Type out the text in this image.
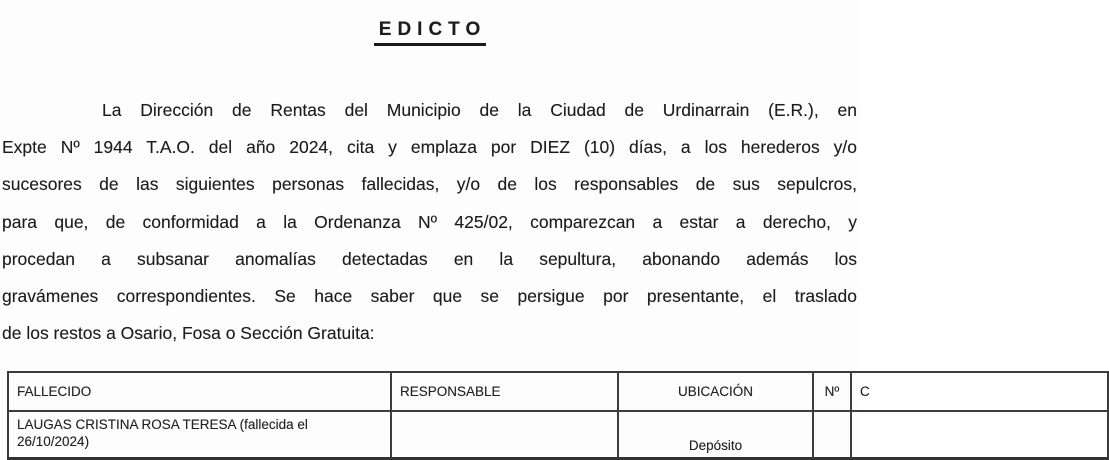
EDICTO
La Dirección de Rentas del Municipio de la Ciudad de Urdinarrain (E.R.), en
Expte Nº 1944 T.A.O. del año 2024, cita y emplaza por DIEZ (10) días, a los herederos y/o
sucesores de las siguientes personas fallecidas, y/o de los responsables de sus sepulcros,
para que, de conformidad a la Ordenanza Nº 425/02, comparezcan a estar a derecho, y
procedan a subsanar anomalías detectadas en la sepultura, abonando además los
gravámenes correspondientes. Se hace saber que se persigue por presentante, el traslado
de los restos a Osario, Fosa o Sección Gratuita:
FALLECIDO	RESPONSABLE	UBICACIÓN	Nº	C
LAUGAS CRISTINA ROSA TERESA (fallecida el 26/10/2024)		Depósito		
